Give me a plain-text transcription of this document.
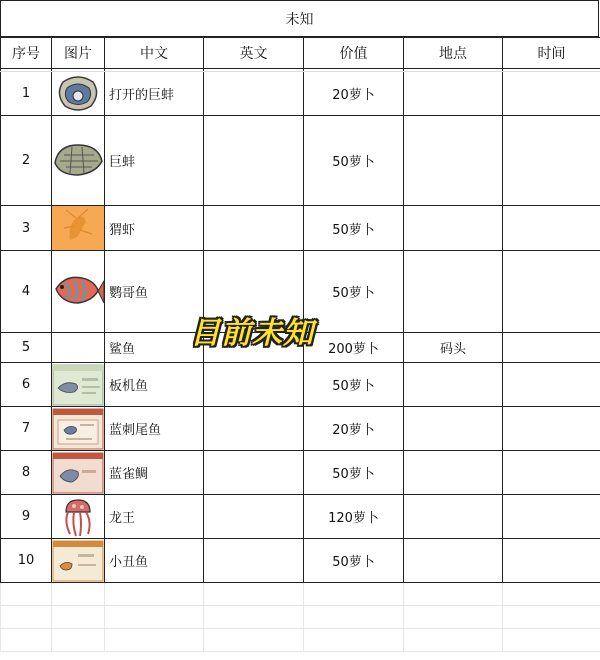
未知
序号	图片	中文	英文	价值	地点	时间

1		打开的巨蚌		20萝卜		
2		巨蚌		50萝卜		
3		猬虾		50萝卜		
4		鹦哥鱼		50萝卜		
5		鲨鱼		200萝卜	码头	
6		板机鱼		50萝卜		
7		蓝刺尾鱼		20萝卜		
8		蓝雀鲷		50萝卜		
9		龙王		120萝卜		
10		小丑鱼		50萝卜		

目前未知
